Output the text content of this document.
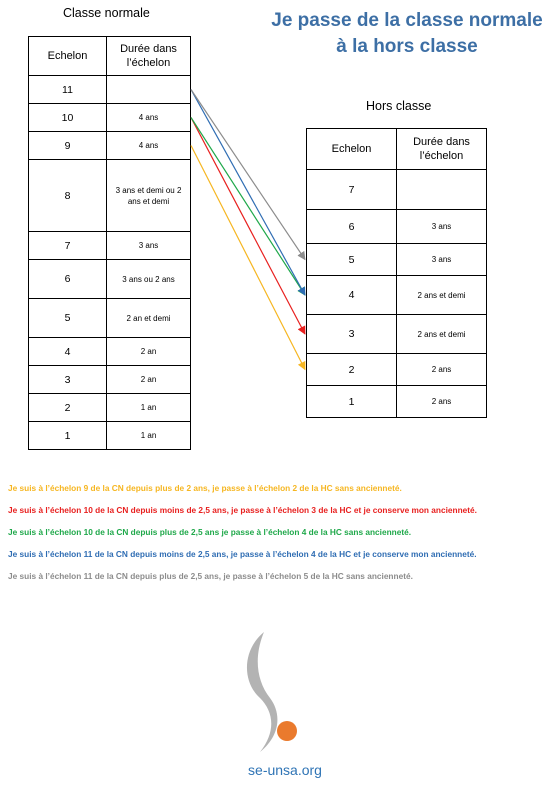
Je passe de la classe normale
à la hors classe
Classe normale
Echelon	Durée dans l’échelon
11	
10	4 ans
9	4 ans
8	3 ans et demi ou 2 ans et demi
7	3 ans
6	3 ans ou 2 ans
5	2 an et demi
4	2 an
3	2 an
2	1 an
1	1 an
Hors classe
Echelon	Durée dans l’échelon
7	
6	3 ans
5	3 ans
4	2 ans et demi
3	2 ans et demi
2	2 ans
1	2 ans
Je suis à l’échelon 9 de la CN depuis plus de 2 ans, je passe à l’échelon 2 de la HC sans ancienneté.
Je suis à l’échelon 10 de la CN depuis moins de 2,5 ans, je passe à l’échelon 3 de la HC et je conserve mon ancienneté.
Je suis à l’échelon 10 de la CN depuis plus de 2,5 ans je passe à l’échelon 4 de la HC sans ancienneté.
Je suis à l’échelon 11 de la CN depuis moins de 2,5 ans, je passe à l’échelon 4 de la HC et je conserve mon ancienneté.
Je suis à l’échelon 11 de la CN depuis plus de 2,5 ans, je passe à l’échelon 5 de la HC sans ancienneté.
se-unsa.org
